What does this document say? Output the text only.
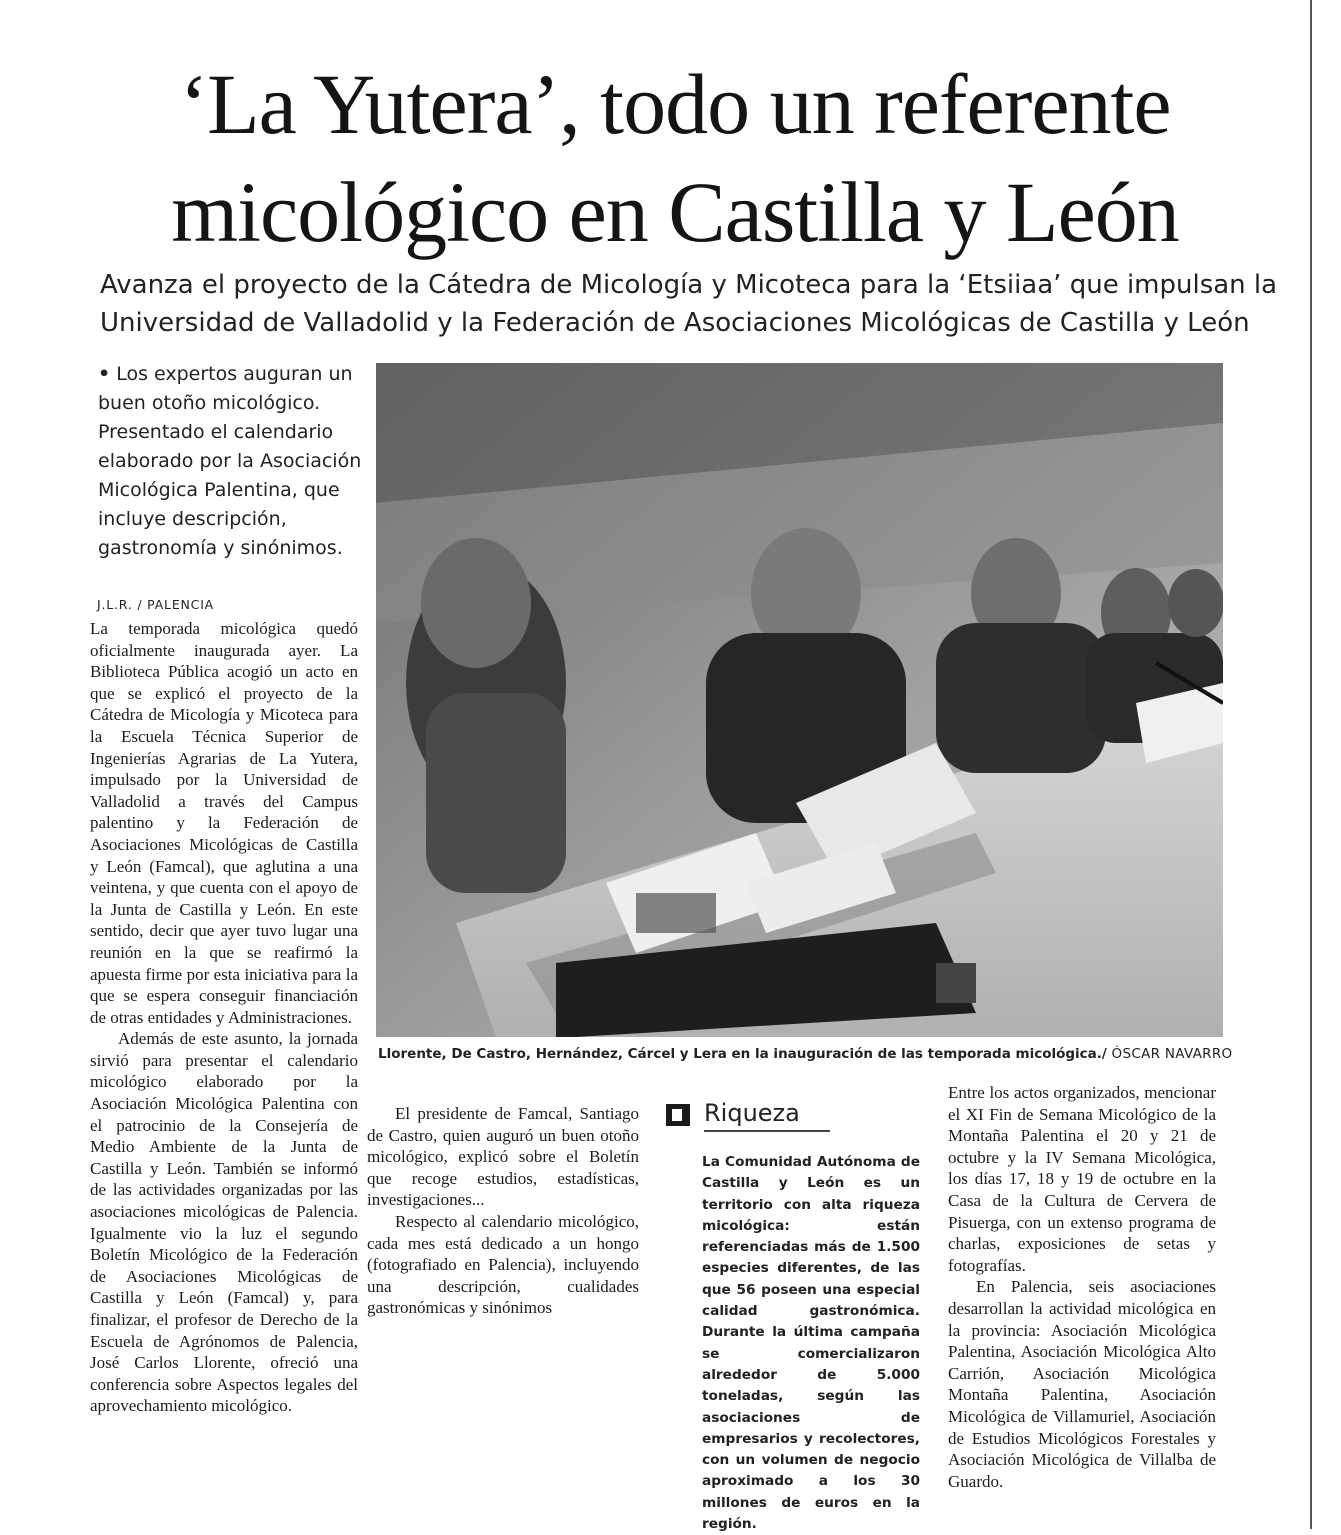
‘La Yutera’, todo un referente
micológico en Castilla y León
Avanza el proyecto de la Cátedra de Micología y Micoteca para la ‘Etsiiaa’ que impulsan la
Universidad de Valladolid y la Federación de Asociaciones Micológicas de Castilla y León
• Los expertos auguran un buen otoño micológico. Presentado el calendario elaborado por la Asociación Micológica Palentina, que incluye descripción, gastronomía y sinónimos.
J.L.R. / PALENCIA

La temporada micológica quedó oficialmente inaugurada ayer. La Biblioteca Pública acogió un acto en que se explicó el proyecto de la Cátedra de Micología y Micoteca para la Escuela Técnica Superior de Ingenierías Agrarias de La Yutera, impulsado por la Universidad de Valladolid a través del Campus palentino y la Federación de Asociaciones Micológicas de Castilla y León (Famcal), que aglutina a una veintena, y que cuenta con el apoyo de la Junta de Castilla y León. En este sentido, decir que ayer tuvo lugar una reunión en la que se reafirmó la apuesta firme por esta iniciativa para la que se espera conseguir financiación de otras entidades y Administraciones.

Además de este asunto, la jornada sirvió para presentar el calendario micológico elaborado por la Asociación Micológica Palentina con el patrocinio de la Consejería de Medio Ambiente de la Junta de Castilla y León. También se informó de las actividades organizadas por las asociaciones micológicas de Palencia. Igualmente vio la luz el segundo Boletín Micológico de la Federación de Asociaciones Micológicas de Castilla y León (Famcal) y, para finalizar, el profesor de Derecho de la Escuela de Agrónomos de Palencia, José Carlos Llorente, ofreció una conferencia sobre Aspectos legales del aprovechamiento micológico.

Llorente, De Castro, Hernández, Cárcel y Lera en la inauguración de las temporada micológica./ ÓSCAR NAVARRO

El presidente de Famcal, Santiago de Castro, quien auguró un buen otoño micológico, explicó sobre el Boletín que recoge estudios, estadísticas, investigaciones...

Respecto al calendario micológico, cada mes está dedicado a un hongo (fotografiado en Palencia), incluyendo una descripción, cualidades gastronómicas y sinónimos

Riqueza
La Comunidad Autónoma de Castilla y León es un territorio con alta riqueza micológica: están referenciadas más de 1.500 especies diferentes, de las que 56 poseen una especial calidad gastronómica. Durante la última campaña se comercializaron alrededor de 5.000 toneladas, según las asociaciones de empresarios y recolectores, con un volumen de negocio aproximado a los 30 millones de euros en la región.

Entre los actos organizados, mencionar el XI Fin de Semana Micológico de la Montaña Palentina el 20 y 21 de octubre y la IV Semana Micológica, los días 17, 18 y 19 de octubre en la Casa de la Cultura de Cervera de Pisuerga, con un extenso programa de charlas, exposiciones de setas y fotografías.

En Palencia, seis asociaciones desarrollan la actividad micológica en la provincia: Asociación Micológica Palentina, Asociación Micológica Alto Carrión, Asociación Micológica Montaña Palentina, Asociación Micológica de Villamuriel, Asociación de Estudios Micológicos Forestales y Asociación Micológica de Villalba de Guardo.
